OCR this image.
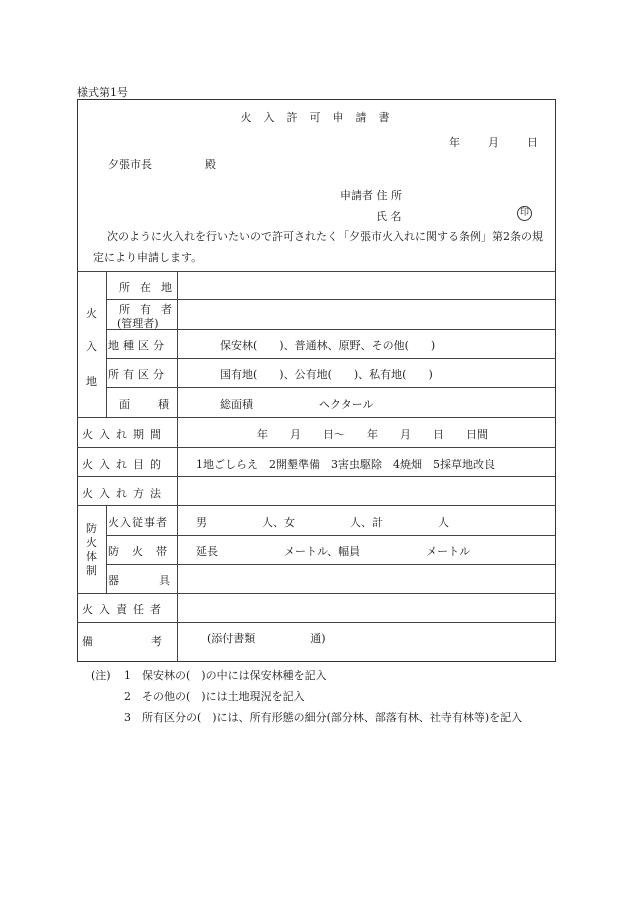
様式第1号
火入許可申請書
年	月	日
夕張市長	殿
申請者 住 所
氏 名	印
次のように火入れを行いたいので許可されたく「夕張市火入れに関する条例」第2条の規定により申請します。
火
入
地
所在地
所有者
(管理者)
地種区分	保安林(　　)、普通林、原野、その他(　　)
所有区分	国有地(　　)、公有地(　　)、私有地(　　)
面積 総面積　　　　　　ヘクタール
火入れ期間	年　　月　　日〜　　年　　月　　日　　日間
火入れ目的	1地ごしらえ　2開墾準備　3害虫駆除　4焼畑　5採草地改良
火入れ方法
防
火
体
制
火入従事者	男　　　　　人、女　　　　　人、計　　　　　人
防火帯 延長　　　　　　メートル、幅員　　　　　　メートル
器具
火入責任者
備考
(添付書類　　　　　通)
(注) 1　保安林の(　)の中には保安林種を記入
2　その他の(　)には土地現況を記入
3　所有区分の(　)には、所有形態の細分(部分林、部落有林、社寺有林等)を記入
